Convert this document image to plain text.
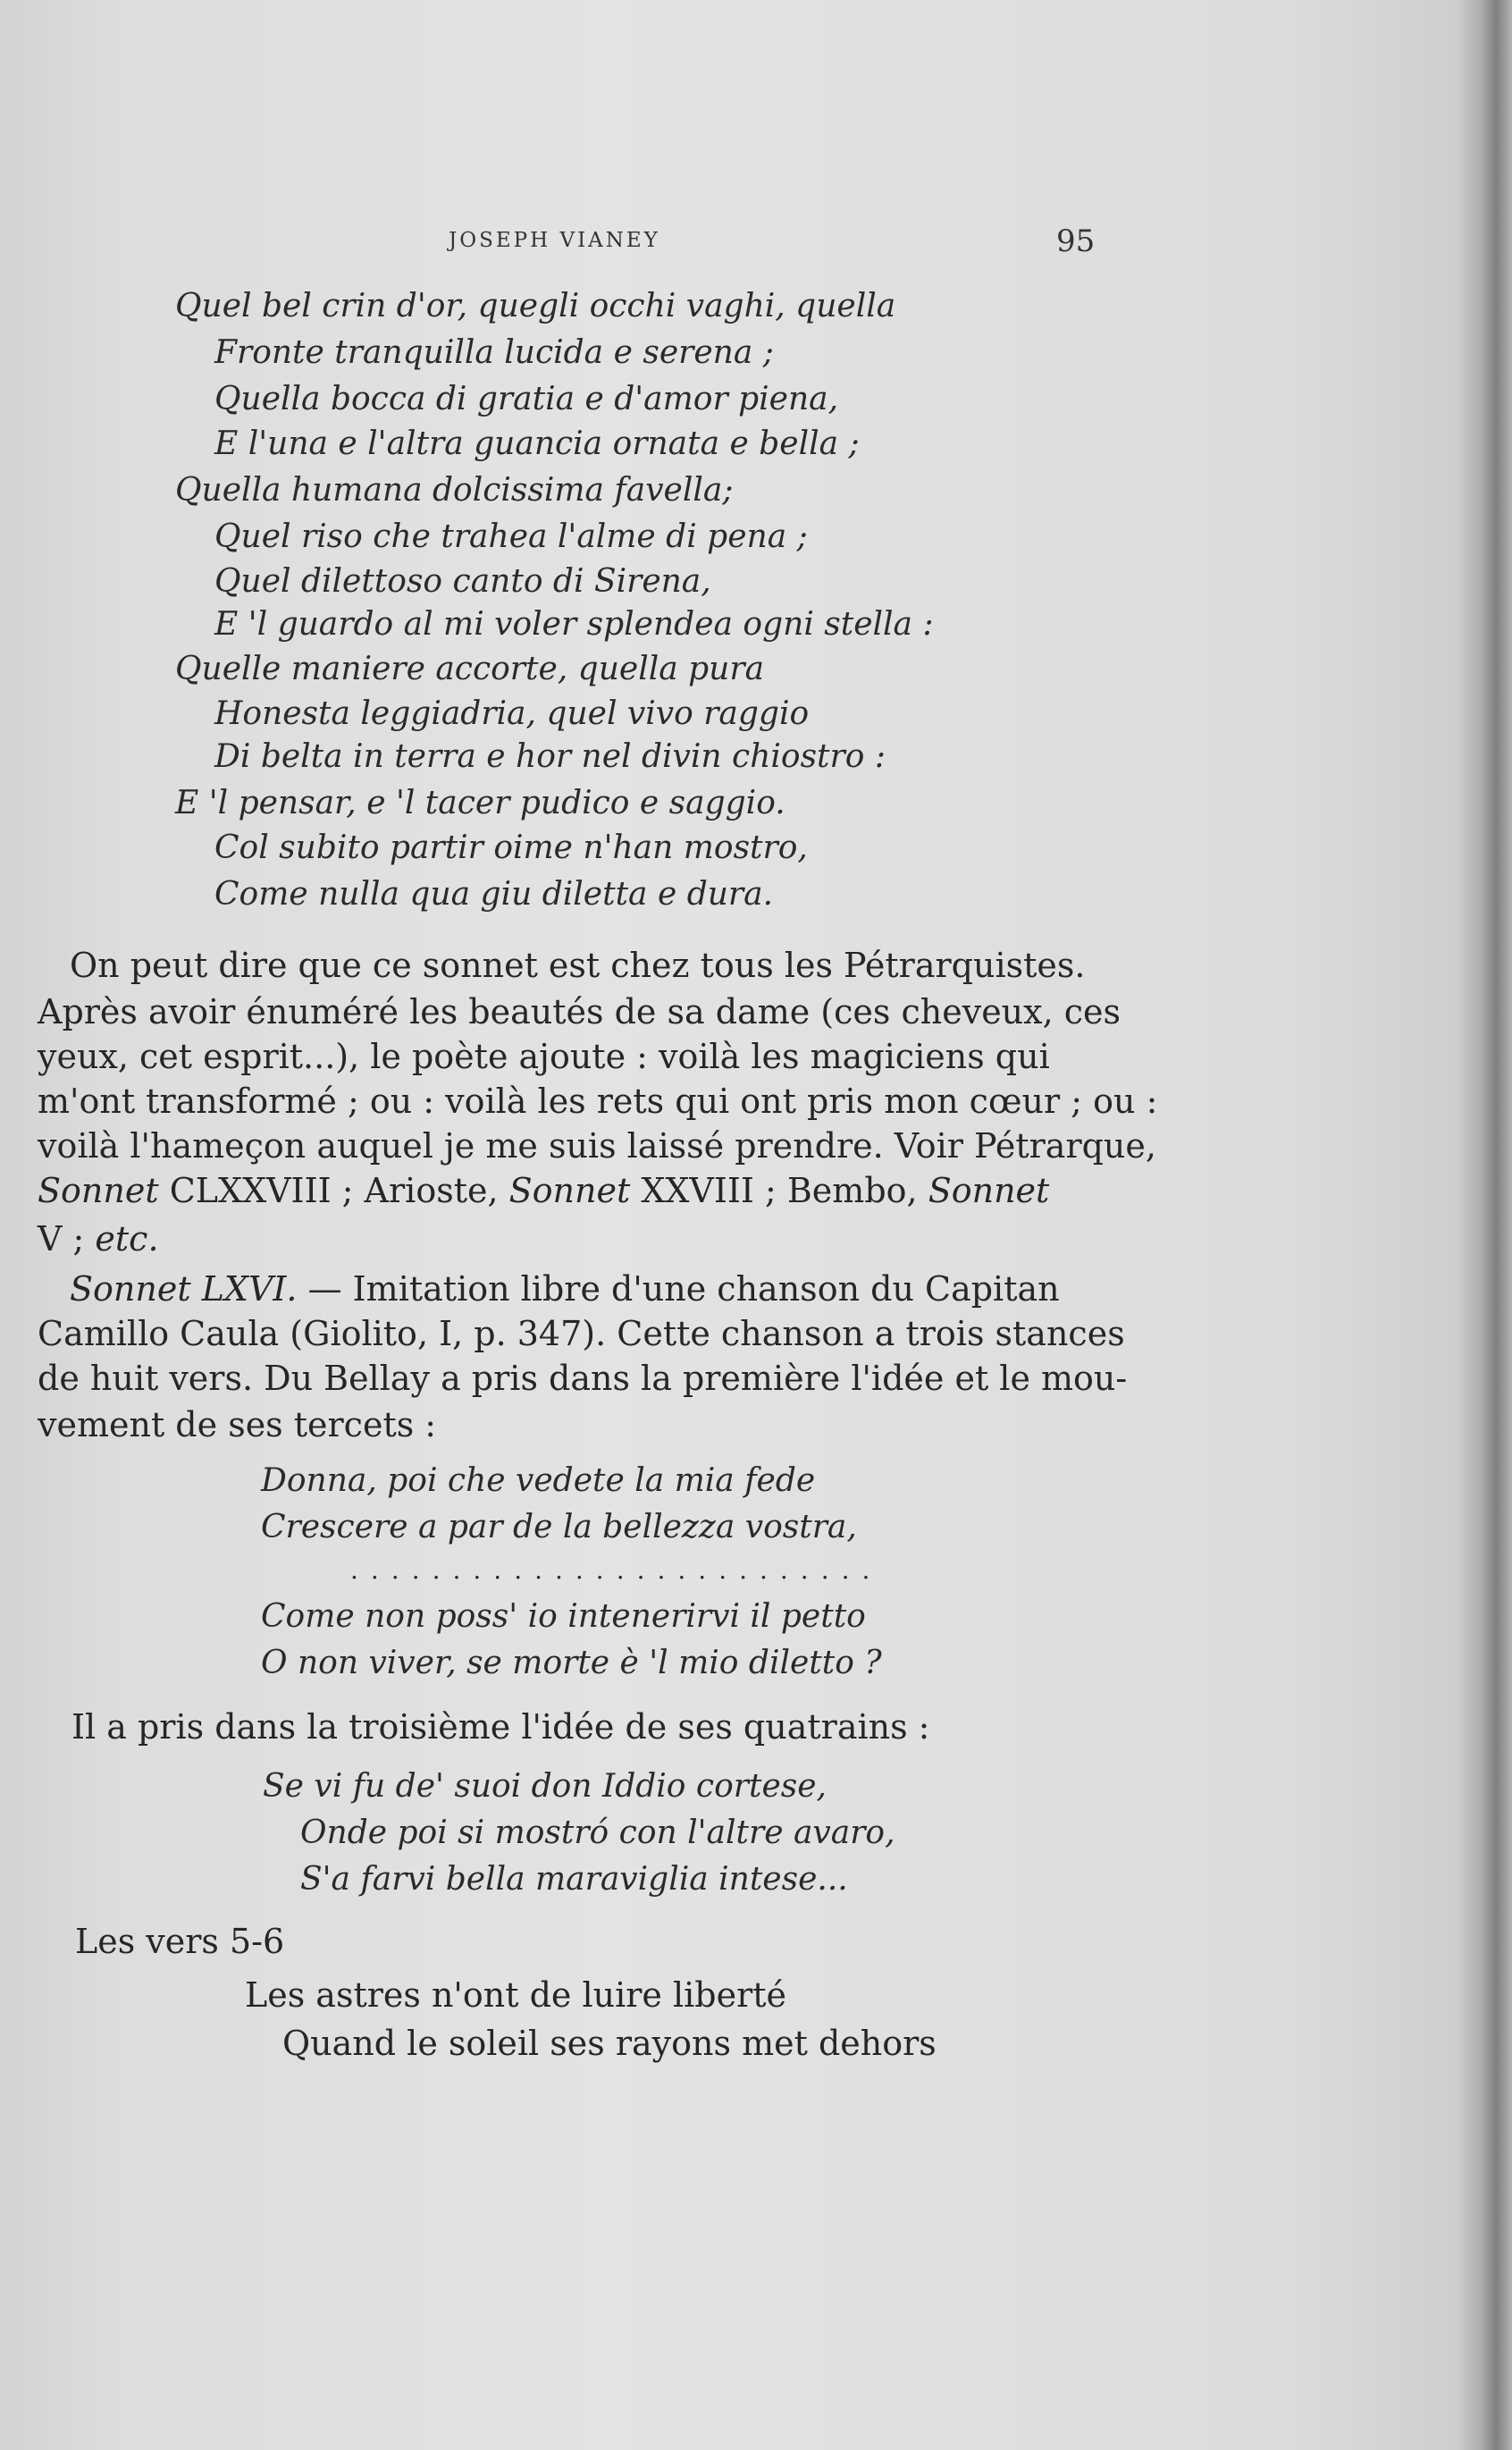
JOSEPH VIANEY	95
Quel bel crin d'or, quegli occhi vaghi, quella
Fronte tranquilla lucida e serena ;
Quella bocca di gratia e d'amor piena,
E l'una e l'altra guancia ornata e bella ;
Quella humana dolcissima favella;
Quel riso che trahea l'alme di pena ;
Quel dilettoso canto di Sirena,
E 'l guardo al mi voler splendea ogni stella :
Quelle maniere accorte, quella pura
Honesta leggiadria, quel vivo raggio
Di belta in terra e hor nel divin chiostro :
E 'l pensar, e 'l tacer pudico e saggio.
Col subito partir oime n'han mostro,
Come nulla qua giu diletta e dura.
On peut dire que ce sonnet est chez tous les Pétrarquistes.
Après avoir énuméré les beautés de sa dame (ces cheveux, ces
yeux, cet esprit...), le poète ajoute : voilà les magiciens qui
m'ont transformé ; ou : voilà les rets qui ont pris mon cœur ; ou :
voilà l'hameçon auquel je me suis laissé prendre. Voir Pétrarque,
Sonnet CLXXVIII ; Arioste, Sonnet XXVIII ; Bembo, Sonnet
V ; etc.
Sonnet LXVI. — Imitation libre d'une chanson du Capitan
Camillo Caula (Giolito, I, p. 347). Cette chanson a trois stances
de huit vers. Du Bellay a pris dans la première l'idée et le mou-
vement de ses tercets :
Donna, poi che vedete la mia fede
Crescere a par de la bellezza vostra,
..........................
Come non poss' io intenerirvi il petto
O non viver, se morte è 'l mio diletto ?
Il a pris dans la troisième l'idée de ses quatrains :
Se vi fu de' suoi don Iddio cortese,
Onde poi si mostró con l'altre avaro,
S'a farvi bella maraviglia intese...
Les vers 5-6
Les astres n'ont de luire liberté
Quand le soleil ses rayons met dehors
